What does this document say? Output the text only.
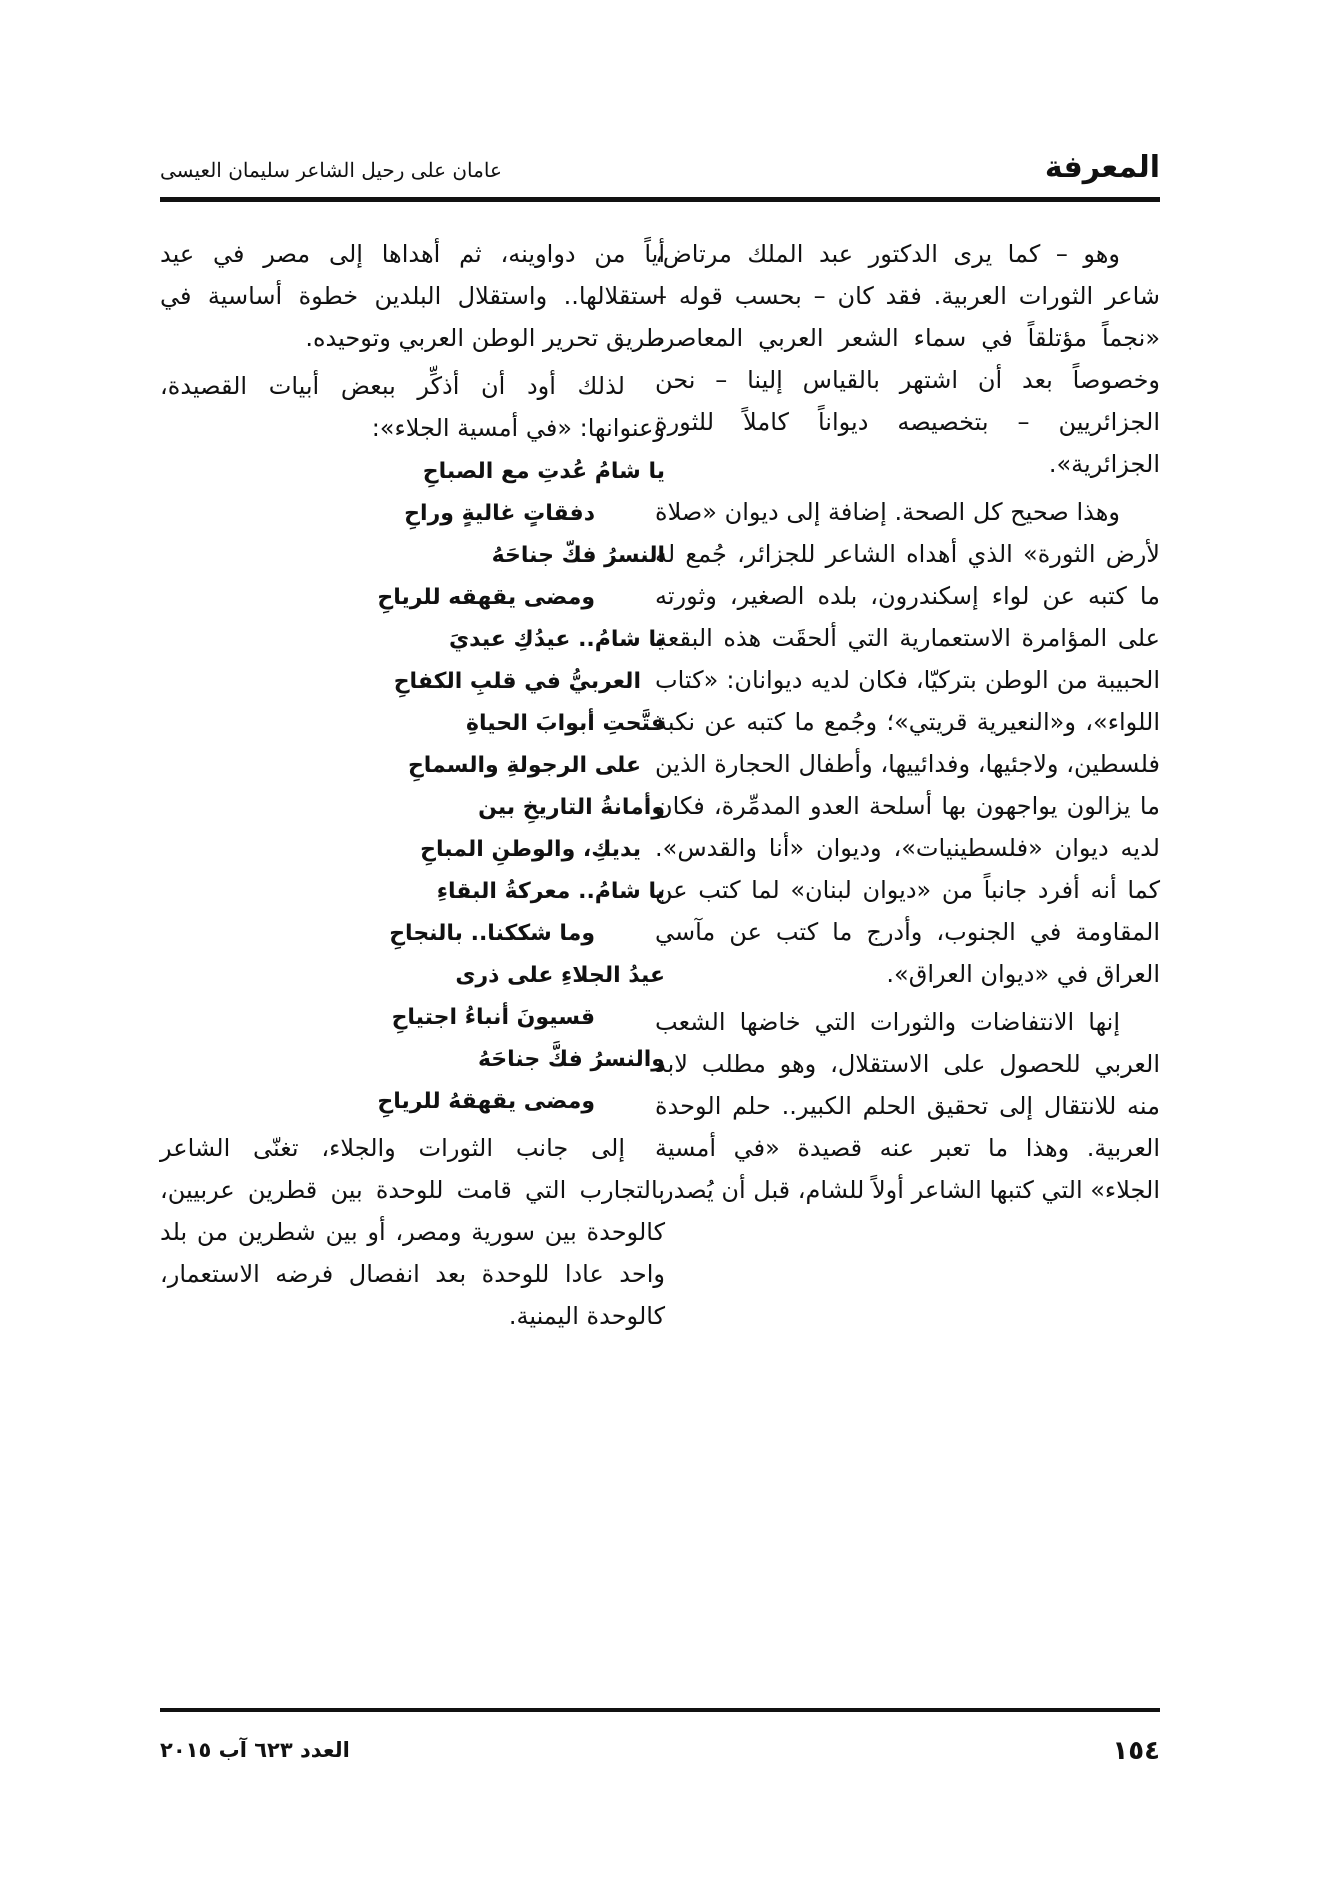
المعرفة
عامان على رحيل الشاعر سليمان العيسى

وهو – كما يرى الدكتور عبد الملك مرتاض، شاعر الثورات العربية. فقد كان – بحسب قوله – «نجماً مؤتلقاً في سماء الشعر العربي المعاصر، وخصوصاً بعد أن اشتهر بالقياس إلينا – نحن الجزائريين – بتخصيصه ديواناً كاملاً للثورة الجزائرية».

وهذا صحيح كل الصحة. إضافة إلى ديوان «صلاة لأرض الثورة» الذي أهداه الشاعر للجزائر، جُمع له ما كتبه عن لواء إسكندرون، بلده الصغير، وثورته على المؤامرة الاستعمارية التي ألحقَت هذه البقعة الحبيبة من الوطن بتركيّا، فكان لديه ديوانان: «كتاب اللواء»، و«النعيرية قريتي»؛ وجُمع ما كتبه عن نكبة فلسطين، ولاجئيها، وفدائييها، وأطفال الحجارة الذين ما يزالون يواجهون بها أسلحة العدو المدمِّرة، فكان لديه ديوان «فلسطينيات»، وديوان «أنا والقدس». كما أنه أفرد جانباً من «ديوان لبنان» لما كتب عن المقاومة في الجنوب، وأدرج ما كتب عن مآسي العراق في «ديوان العراق».

إنها الانتفاضات والثورات التي خاضها الشعب العربي للحصول على الاستقلال، وهو مطلب لابد منه للانتقال إلى تحقيق الحلم الكبير.. حلم الوحدة العربية. وهذا ما تعبر عنه قصيدة «في أمسية الجلاء» التي كتبها الشاعر أولاً للشام، قبل أن يُصدر

أياً من دواوينه، ثم أهداها إلى مصر في عيد استقلالها.. واستقلال البلدين خطوة أساسية في طريق تحرير الوطن العربي وتوحيده.

لذلك أود أن أذكِّر ببعض أبيات القصيدة، وعنوانها: «في أمسية الجلاء»:

يا شامُ عُدتِ مع الصباحِ
دفقاتٍ غاليةٍ وراحِ
النسرُ فكّ جناحَهُ
ومضى يقهقه للرياحِ
يا شامُ.. عيدُكِ عيديَ
العربيُّ في قلبِ الكفاحِ
فتَّحتِ أبوابَ الحياةِ
على الرجولةِ والسماحِ
وأمانةُ التاريخِ بين
يديكِ، والوطنِ المباحِ
يا شامُ.. معركةُ البقاءِ
وما شككنا.. بالنجاحِ
عيدُ الجلاءِ على ذرى
قسيونَ أنباءُ اجتياحِ
والنسرُ فكَّ جناحَهُ
ومضى يقهقهُ للرياحِ

إلى جانب الثورات والجلاء، تغنّى الشاعر بالتجارب التي قامت للوحدة بين قطرين عربيين، كالوحدة بين سورية ومصر، أو بين شطرين من بلد واحد عادا للوحدة بعد انفصال فرضه الاستعمار، كالوحدة اليمنية.

١٥٤
العدد ٦٢٣ آب ٢٠١٥
